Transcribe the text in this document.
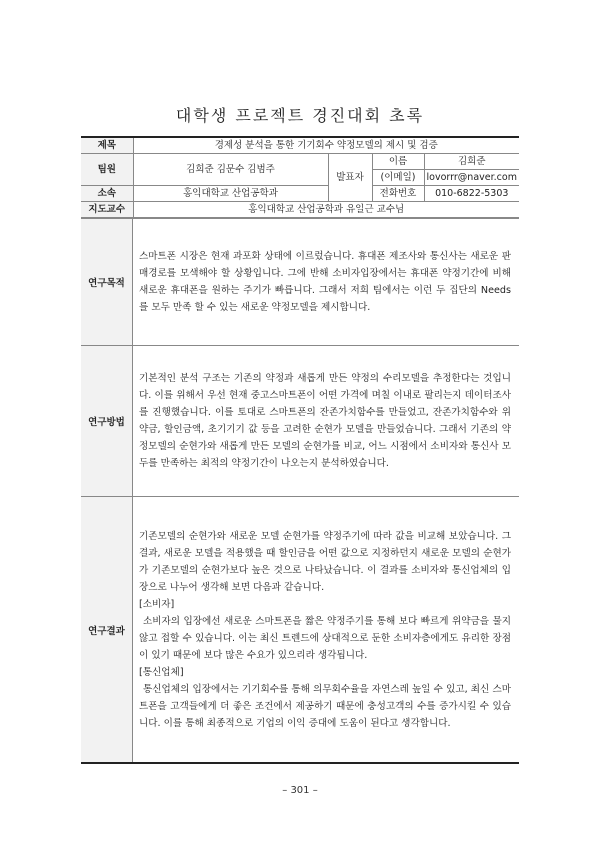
대학생 프로젝트 경진대회 초록
제목	경제성 분석을 통한 기기회수 약정모델의 제시 및 검증			
팀원	김희준 김문수 김범주	발표자	이름	김희준
			(이메일)	lovorrr@naver.com
소속	홍익대학교 산업공학과		전화번호	010-6822-5303
지도교수	홍익대학교 산업공학과 유일근 교수님			
연구목적

스마트폰 시장은 현재 과포화 상태에 이르렀습니다. 휴대폰 제조사와 통신사는 새로운 판매경로를 모색해야 할 상황입니다. 그에 반해 소비자입장에서는 휴대폰 약정기간에 비해 새로운 휴대폰을 원하는 주기가 빠릅니다. 그래서 저희 팀에서는 이런 두 집단의 Needs를 모두 만족 할 수 있는 새로운 약정모델을 제시합니다.

연구방법

기본적인 분석 구조는 기존의 약정과 새롭게 만든 약정의 수리모델을 추정한다는 것입니다. 이를 위해서 우선 현재 중고스마트폰이 어떤 가격에 며칠 이내로 팔리는지 데이터조사를 진행했습니다. 이를 토대로 스마트폰의 잔존가치함수를 만들었고, 잔존가치함수와 위약금, 할인금액, 초기기기 값 등을 고려한 순현가 모델을 만들었습니다. 그래서 기존의 약정모델의 순현가와 새롭게 만든 모델의 순현가를 비교, 어느 시점에서 소비자와 통신사 모두를 만족하는 최적의 약정기간이 나오는지 분석하였습니다.

연구결과

기존모델의 순현가와 새로운 모델 순현가를 약정주기에 따라 값을 비교해 보았습니다. 그 결과, 새로운 모델을 적용했을 때 할인금을 어떤 값으로 지정하던지 새로운 모델의 순현가가 기존모델의 순현가보다 높은 것으로 나타났습니다. 이 결과를 소비자와 통신업체의 입장으로 나누어 생각해 보면 다음과 같습니다.

[소비자]

소비자의 입장에선 새로운 스마트폰을 짧은 약정주기를 통해 보다 빠르게 위약금을 물지 않고 접할 수 있습니다. 이는 최신 트렌드에 상대적으로 둔한 소비자층에게도 유리한 장점이 있기 때문에 보다 많은 수요가 있으리라 생각됩니다.

[통신업체]

통신업체의 입장에서는 기기회수를 통해 의무회수율을 자연스레 높일 수 있고, 최신 스마트폰을 고객들에게 더 좋은 조건에서 제공하기 때문에 충성고객의 수를 증가시킬 수 있습니다. 이를 통해 최종적으로 기업의 이익 증대에 도움이 된다고 생각합니다.

– 301 –
